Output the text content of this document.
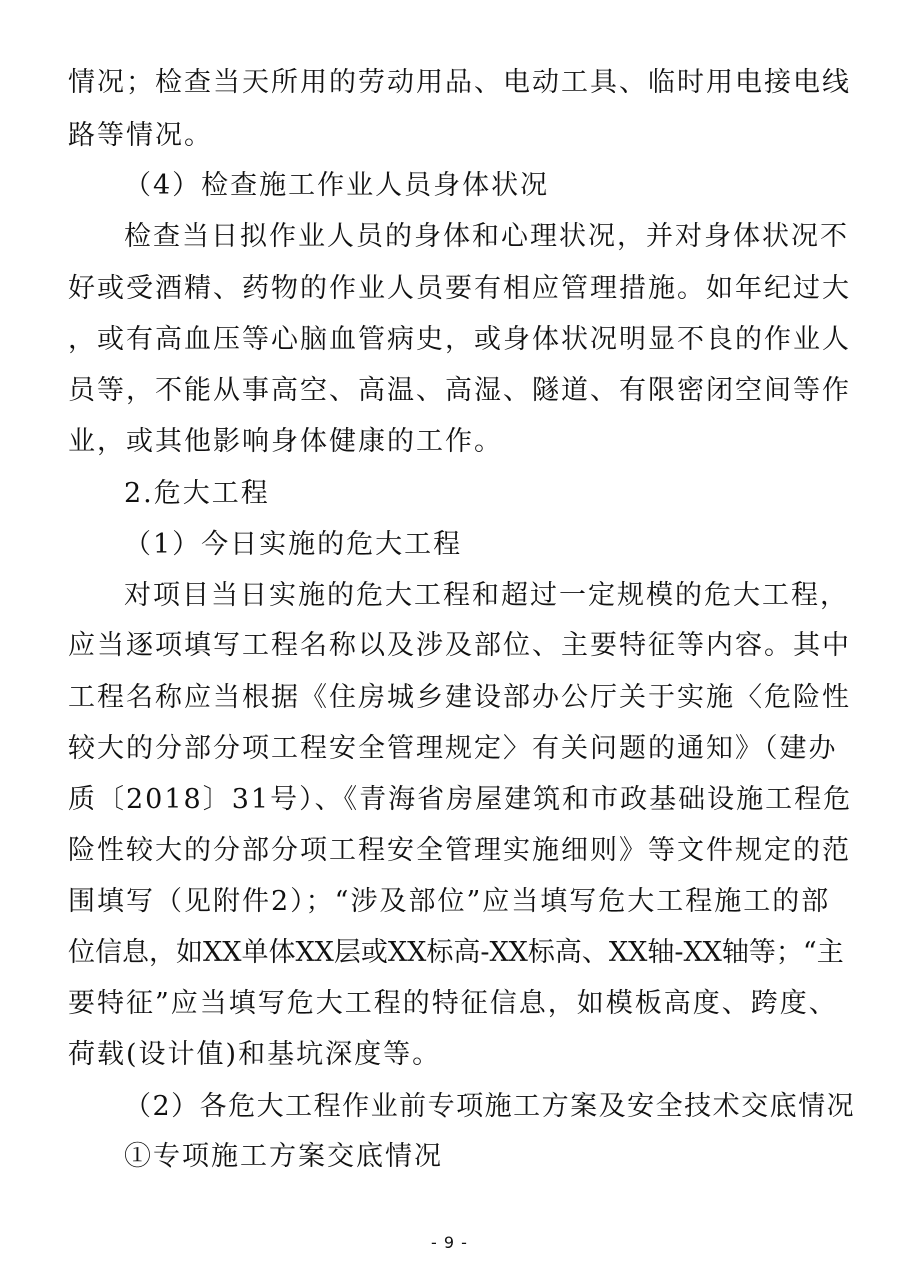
情况；检查当天所用的劳动用品、电动工具、临时用电接电线
路等情况。
（4）检查施工作业人员身体状况
检查当日拟作业人员的身体和心理状况，并对身体状况不
好或受酒精、药物的作业人员要有相应管理措施。如年纪过大
，或有高血压等心脑血管病史，或身体状况明显不良的作业人
员等，不能从事高空、高温、高湿、隧道、有限密闭空间等作
业，或其他影响身体健康的工作。
2.危大工程
（1）今日实施的危大工程
对项目当日实施的危大工程和超过一定规模的危大工程，
应当逐项填写工程名称以及涉及部位、主要特征等内容。其中
工程名称应当根据《住房城乡建设部办公厅关于实施〈危险性
较大的分部分项工程安全管理规定〉有关问题的通知》（建办
质〔2018〕31号）、《青海省房屋建筑和市政基础设施工程危
险性较大的分部分项工程安全管理实施细则》等文件规定的范
围填写（见附件2）；“涉及部位”应当填写危大工程施工的部
位信息，如XX单体XX层或XX标高-XX标高、XX轴-XX轴等；“主
要特征”应当填写危大工程的特征信息，如模板高度、跨度、
荷载(设计值)和基坑深度等。
（2）各危大工程作业前专项施工方案及安全技术交底情况
①专项施工方案交底情况
- 9 -
